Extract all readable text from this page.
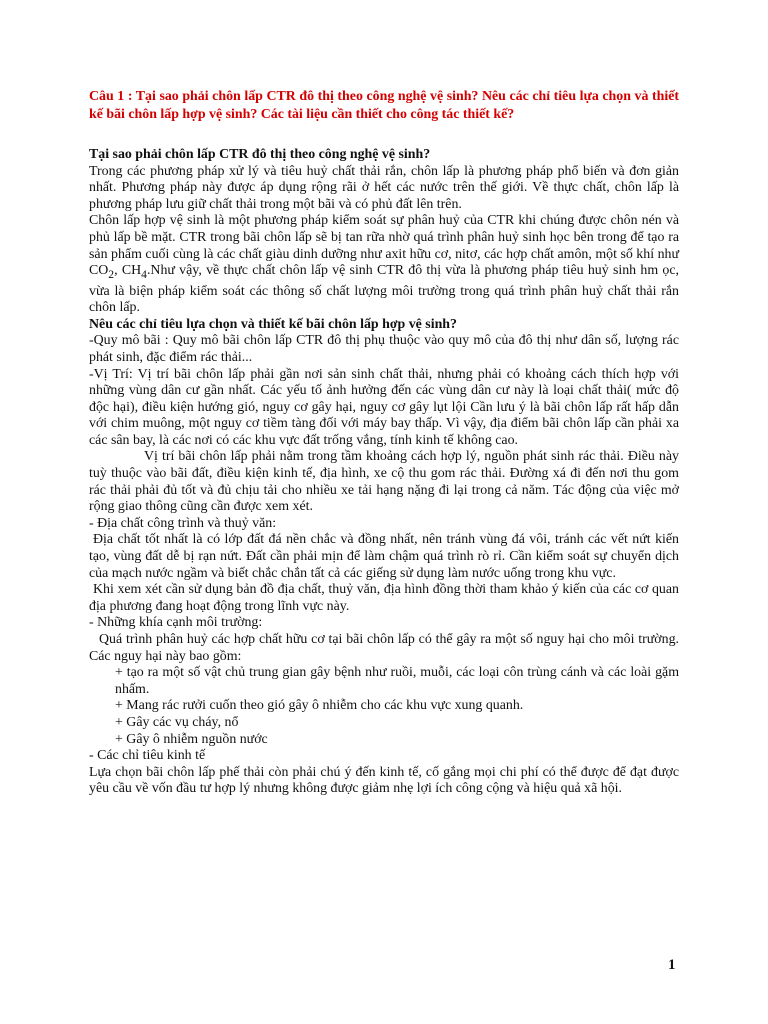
Câu 1 : Tại sao phải chôn lấp CTR đô thị theo công nghệ vệ sinh? Nêu các chỉ tiêu lựa chọn và thiết kế bãi chôn lấp hợp vệ sinh? Các tài liệu cần thiết cho công tác thiết kế?

Tại sao phải chôn lấp CTR đô thị theo công nghệ vệ sinh?

Trong các phương pháp xử lý và tiêu huỷ chất thải rắn, chôn lấp là phương pháp phổ biến và đơn giản nhất. Phương pháp này được áp dụng rộng rãi ở hết các nước trên thế giới. Về thực chất, chôn lấp là phương pháp lưu giữ chất thải trong một bãi và có phủ đất lên trên.

Chôn lấp hợp vệ sinh là một phương pháp kiểm soát sự phân huỷ của CTR khi chúng được chôn nén và phủ lấp bề mặt. CTR trong bãi chôn lấp sẽ bị tan rữa nhờ quá trình phân huỷ sinh học bên trong để tạo ra sản phẩm cuối cùng là các chất giàu dinh dưỡng như axit hữu cơ, nitơ, các hợp chất amôn, một số khí như $CO_2$, $CH_4.Như$ vậy, về thực chất chôn lấp vệ sinh CTR đô thị vừa là phương pháp tiêu huỷ sinh hm ọc, vừa là biện pháp kiểm soát các thông số chất lượng môi trường trong quá trình phân huỷ chất thải rắn chôn lấp.

Nêu các chỉ tiêu lựa chọn và thiết kế bãi chôn lấp hợp vệ sinh?

-Quy mô bãi : Quy mô bãi chôn lấp CTR đô thị phụ thuộc vào quy mô của đô thị như dân số, lượng rác phát sinh, đặc điểm rác thải...

-Vị Trí: Vị trí bãi chôn lấp phải gần nơi sản sinh chất thải, nhưng phải có khoảng cách thích hợp với những vùng dân cư gần nhất. Các yếu tố ảnh hưởng đến các vùng dân cư này là loại chất thải( mức độ độc hại), điều kiện hướng gió, nguy cơ gây hại, nguy cơ gây lụt lội Cần lưu ý là bãi chôn lấp rất hấp dẫn với chim muông, một nguy cơ tiềm tàng đối với máy bay thấp. Vì vậy, địa điểm bãi chôn lấp cần phải xa các sân bay, là các nơi có các khu vực đất trống vắng, tính kinh tế không cao.

Vị trí bãi chôn lấp phải nằm trong tầm khoảng cách hợp lý, nguồn phát sinh rác thải. Điều này tuỳ thuộc vào bãi đất, điều kiện kinh tế, địa hình, xe cộ thu gom rác thải. Đường xá đi đến nơi thu gom rác thải phải đủ tốt và đủ chịu tải cho nhiều xe tải hạng nặng đi lại trong cả năm. Tác động của việc mở rộng giao thông cũng cần được xem xét.

- Địa chất công trình và thuỷ văn:

Địa chất tốt nhất là có lớp đất đá nền chắc và đồng nhất, nên tránh vùng đá vôi, tránh các vết nứt kiến tạo, vùng đất dễ bị rạn nứt. Đất cần phải mịn để làm chậm quá trình rò rỉ. Cần kiểm soát sự chuyển dịch của mạch nước ngầm và biết chắc chắn tất cả các giếng sử dụng làm nước uống trong khu vực.

Khi xem xét cần sử dụng bản đồ địa chất, thuỷ văn, địa hình đồng thời tham khảo ý kiến của các cơ quan địa phương đang hoạt động trong lĩnh vực này.

- Những khía cạnh môi trường:

Quá trình phân huỷ các hợp chất hữu cơ tại bãi chôn lấp có thể gây ra một số nguy hại cho môi trường. Các nguy hại này bao gồm:

+ tạo ra một số vật chủ trung gian gây bệnh như ruồi, muỗi, các loại côn trùng cánh và các loài gặm nhấm.

+ Mang rác rưởi cuốn theo gió gây ô nhiễm cho các khu vực xung quanh.

+ Gây các vụ cháy, nổ

+ Gây ô nhiễm nguồn nước

- Các chỉ tiêu kinh tế

Lựa chọn bãi chôn lấp phế thải còn phải chú ý đến kinh tế, cố gắng mọi chi phí có thể được để đạt được yêu cầu về vốn đầu tư hợp lý nhưng không được giảm nhẹ lợi ích công cộng và hiệu quả xã hội.

1
